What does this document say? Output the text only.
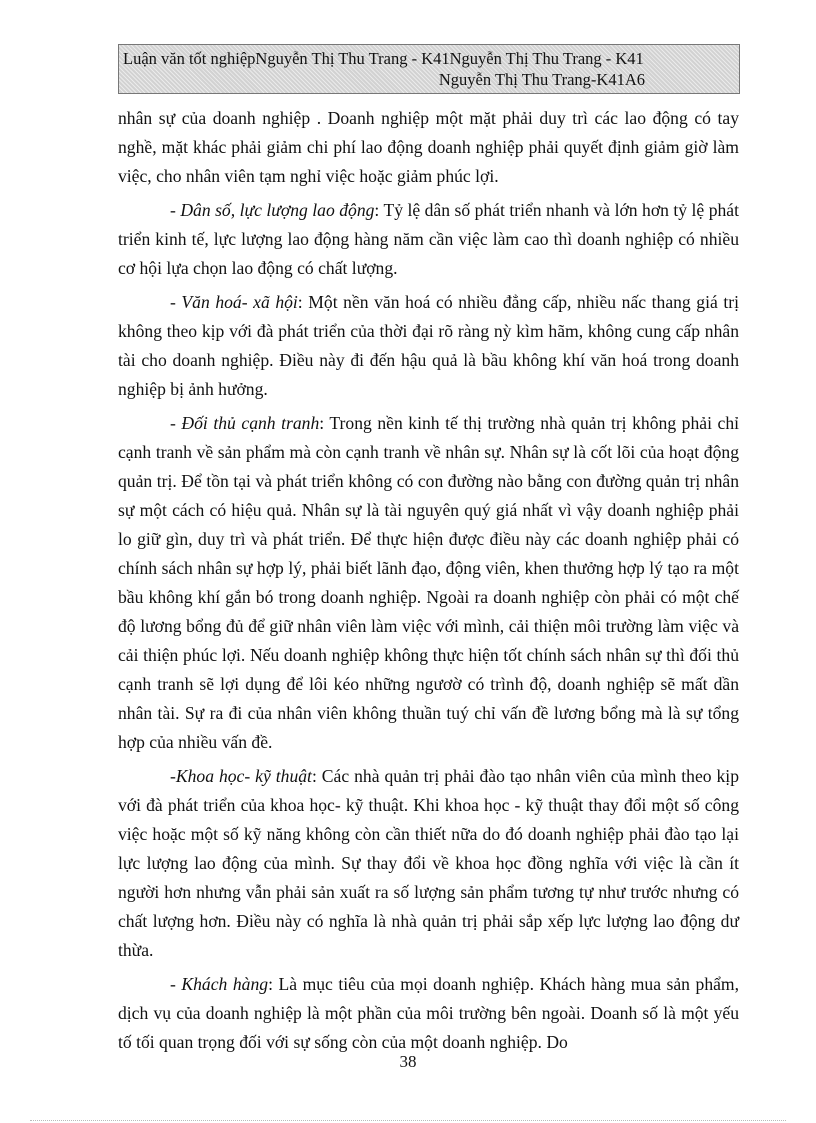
Luận văn tốt nghiệpNguyễn Thị Thu Trang - K41Nguyễn Thị Thu Trang - K41
Nguyễn Thị Thu Trang-K41A6

nhân sự của doanh nghiệp . Doanh nghiệp một mặt phải duy trì các lao động có tay nghề, mặt khác phải giảm chi phí lao động doanh nghiệp phải quyết định giảm giờ làm việc, cho nhân viên tạm nghỉ việc hoặc giảm phúc lợi.

- Dân số, lực lượng lao động: Tỷ lệ dân số phát triển nhanh và lớn hơn tỷ lệ phát triển kinh tế, lực lượng lao động hàng năm cần việc làm cao thì doanh nghiệp có nhiều cơ hội lựa chọn lao động có chất lượng.

- Văn hoá- xã hội: Một nền văn hoá có nhiều đẳng cấp, nhiều nấc thang giá trị không theo kịp với đà phát triển của thời đại rõ ràng nỳ kìm hãm, không cung cấp nhân tài cho doanh nghiệp. Điều này đi đến hậu quả là bầu không khí văn hoá trong doanh nghiệp bị ảnh hưởng.

- Đối thủ cạnh tranh: Trong nền kinh tế thị trường nhà quản trị không phải chỉ cạnh tranh về sản phẩm mà còn cạnh tranh về nhân sự. Nhân sự là cốt lõi của hoạt động quản trị. Để tồn tại và phát triển không có con đường nào bằng con đường quản trị nhân sự một cách có hiệu quả. Nhân sự là tài nguyên quý giá nhất vì vậy doanh nghiệp phải lo giữ gìn, duy trì và phát triển. Để thực hiện được điều này các doanh nghiệp phải có chính sách nhân sự hợp lý, phải biết lãnh đạo, động viên, khen thưởng hợp lý tạo ra một bầu không khí gắn bó trong doanh nghiệp. Ngoài ra doanh nghiệp còn phải có một chế độ lương bổng đủ để giữ nhân viên làm việc với mình, cải thiện môi trường làm việc và cải thiện phúc lợi. Nếu doanh nghiệp không thực hiện tốt chính sách nhân sự thì đối thủ cạnh tranh sẽ lợi dụng để lôi kéo những ngươờ có trình độ, doanh nghiệp sẽ mất dần nhân tài. Sự ra đi của nhân viên không thuần tuý chỉ vấn đề lương bổng mà là sự tổng hợp của nhiều vấn đề.

-Khoa học- kỹ thuật: Các nhà quản trị phải đào tạo nhân viên của mình theo kịp với đà phát triển của khoa học- kỹ thuật. Khi khoa học - kỹ thuật thay đổi một số công việc hoặc một số kỹ năng không còn cần thiết nữa do đó doanh nghiệp phải đào tạo lại lực lượng lao động của mình. Sự thay đổi về khoa học đồng nghĩa với việc là cần ít người hơn nhưng vẫn phải sản xuất ra số lượng sản phẩm tương tự như trước nhưng có chất lượng hơn. Điều này có nghĩa là nhà quản trị phải sắp xếp lực lượng lao động dư thừa.

- Khách hàng: Là mục tiêu của mọi doanh nghiệp. Khách hàng mua sản phẩm, dịch vụ của doanh nghiệp là một phần của môi trường bên ngoài. Doanh số là một yếu tố tối quan trọng đối với sự sống còn của một doanh nghiệp. Do

38
